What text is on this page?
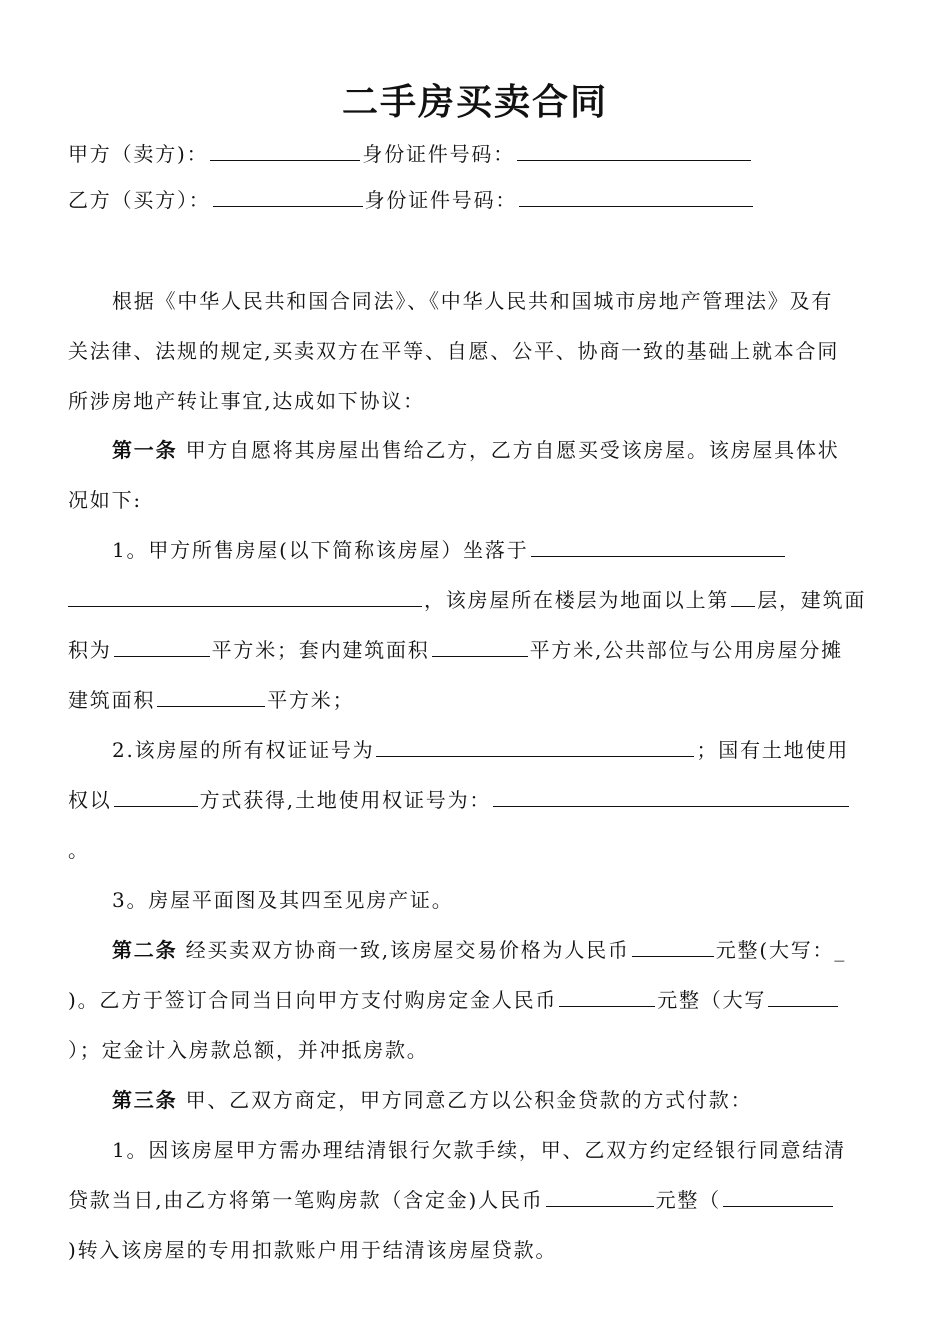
二手房买卖合同

甲方（卖方)：	身份证件号码：

乙方（买方）：	身份证件号码：

根据《中华人民共和国合同法》、《中华人民共和国城市房地产管理法》及有

关法律、法规的规定,买卖双方在平等、自愿、公平、协商一致的基础上就本合同

所涉房地产转让事宜,达成如下协议：

第一条 甲方自愿将其房屋出售给乙方，乙方自愿买受该房屋。该房屋具体状

况如下:

1。甲方所售房屋(以下简称该房屋）坐落于

，该房屋所在楼层为地面以上第 层，建筑面

积为	平方米；套内建筑面积	平方米,公共部位与公用房屋分摊

建筑面积	平方米；

2.该房屋的所有权证证号为	；国有土地使用

权以	方式获得,土地使用权证号为：

。

3。房屋平面图及其四至见房产证。

第二条 经买卖双方协商一致,该房屋交易价格为人民币	元整(大写：_

)。乙方于签订合同当日向甲方支付购房定金人民币	元整（大写

）；定金计入房款总额，并冲抵房款。

第三条 甲、乙双方商定，甲方同意乙方以公积金贷款的方式付款：

1。因该房屋甲方需办理结清银行欠款手续，甲、乙双方约定经银行同意结清

贷款当日,由乙方将第一笔购房款（含定金)人民币	元整（

)转入该房屋的专用扣款账户用于结清该房屋贷款。
